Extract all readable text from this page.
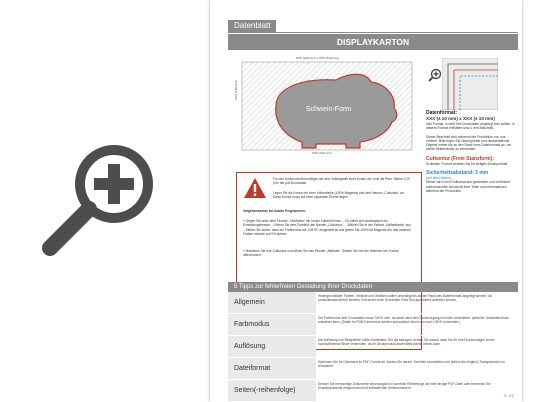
Datenblatt
DISPLAYKARTON
Schwein-Form
XXX (±10 mm) x XXX (±10 mm)
XXX (±10 mm)
XXX (±10 mm)
Datenformat:
XXX (± 10 mm) x XXX (± 10 mm)
Das Format, in dem Ihre Druckdaten angelegt sein sollten. In diesem Format enthalten sind 1 mm Beschnitt.
Dieser Beschnitt wird während der Produktion von uns entfernt. Bitte legen Sie Hintergründe und randabfallende Objekte immer bis an den Rand Ihres Dateiformats an, um weiße Seitenränder zu vermeiden.
Cutkontur (Freie Stanzform):
In diesem Format erhalten Sie Ihr fertiges Druckprodukt.
Sicherheitsabstand: 3 mm
(auf allen Seiten)
Dieser wird vom Endformat aus gemessen und verhindert unerwünschten Anschnitt Ihrer Texte und Informationen während der Produktion.
Für den Konturschnitt benötigen wir eine Vektorgrafik einer Kontur der Linie als Pfad. Stärke 0,25 pt in der pdf-Druckdatei.
Legen Sie die Kontur mit einer Volltonfarbe (100% Magenta) und dem Namen „Cutkontur“ an. Diese Kontur muss auf einer separaten Ebene liegen.
Vorgehensweise bei Adobe Programmen:
» Gegen Sie unter dem Fenster „Farbfelder“ ein neues Farbfeld hinzu. – Es öffnet sich automatisch ein Einstellungsfenster. – Geben Sie dem Farbfeld den Namen „Cutkontur“. – Wählen Sie in der Farbart „Vollfarbfarbe“ aus. – Stellen Sie sicher, dass der Farbmodus auf „CMYK“ eingestellt ist und geben Sie 100% für Magenta ein, alle anderen Farben müssen auf 0% stehen.
» Markieren Sie Ihre Cutkontur und öffnen Sie das Fenster „Attribute“. Setzen Sie hier ein Häkchen bei „Kontur überdrucken“.
5 Tipps zur fehlerfreien Gestaltung Ihrer Druckdaten
Allgemein
Hintergrundbilder, Farben, Verläufe und Grafiken sollten unbedingt bis an den Rand des Datenformats angelegt werden, da produktionstechnisch kleinere Toleranzen beim Schneiden Ihres Druckproduktes auftreten können.
Farbmodus
Der Farbmodus Ihrer Druckdaten muss CMYK sein, da sonst nach dem Druckvorgang ein leicht veränderter, optischer Gesamteindruck entstehen kann. (Daten im RGB-Farbmodus werden automatisch durch uns nach CMYK konvertiert.)
Auflösung
Die Auflösung von Bildgrafiken sollte mindestens 300 dpi betragen. Achten Sie darauf, dass Sie für Ihre Druckvorlagen immer hochauflösende Bilder verwenden, da Ihr Druckprodukt andernfalls pixelig wirken kann.
Dateiformat
Speichern Sie Ihr Dokument im PDF-Format ab. Achten Sie darauf, Schriften einzubetten und (sofern als möglich) Transparenzen zu reduzieren.
Seiten(-reihenfolge)
Senden Sie mehrseitige Dokumente chronologisch in korrekter Reihenfolge als eine einzige PDF-Datei oder benennen Sie Einzeldokumente entsprechend mit fortlaufenden Seitennummern.
S. 1/2
